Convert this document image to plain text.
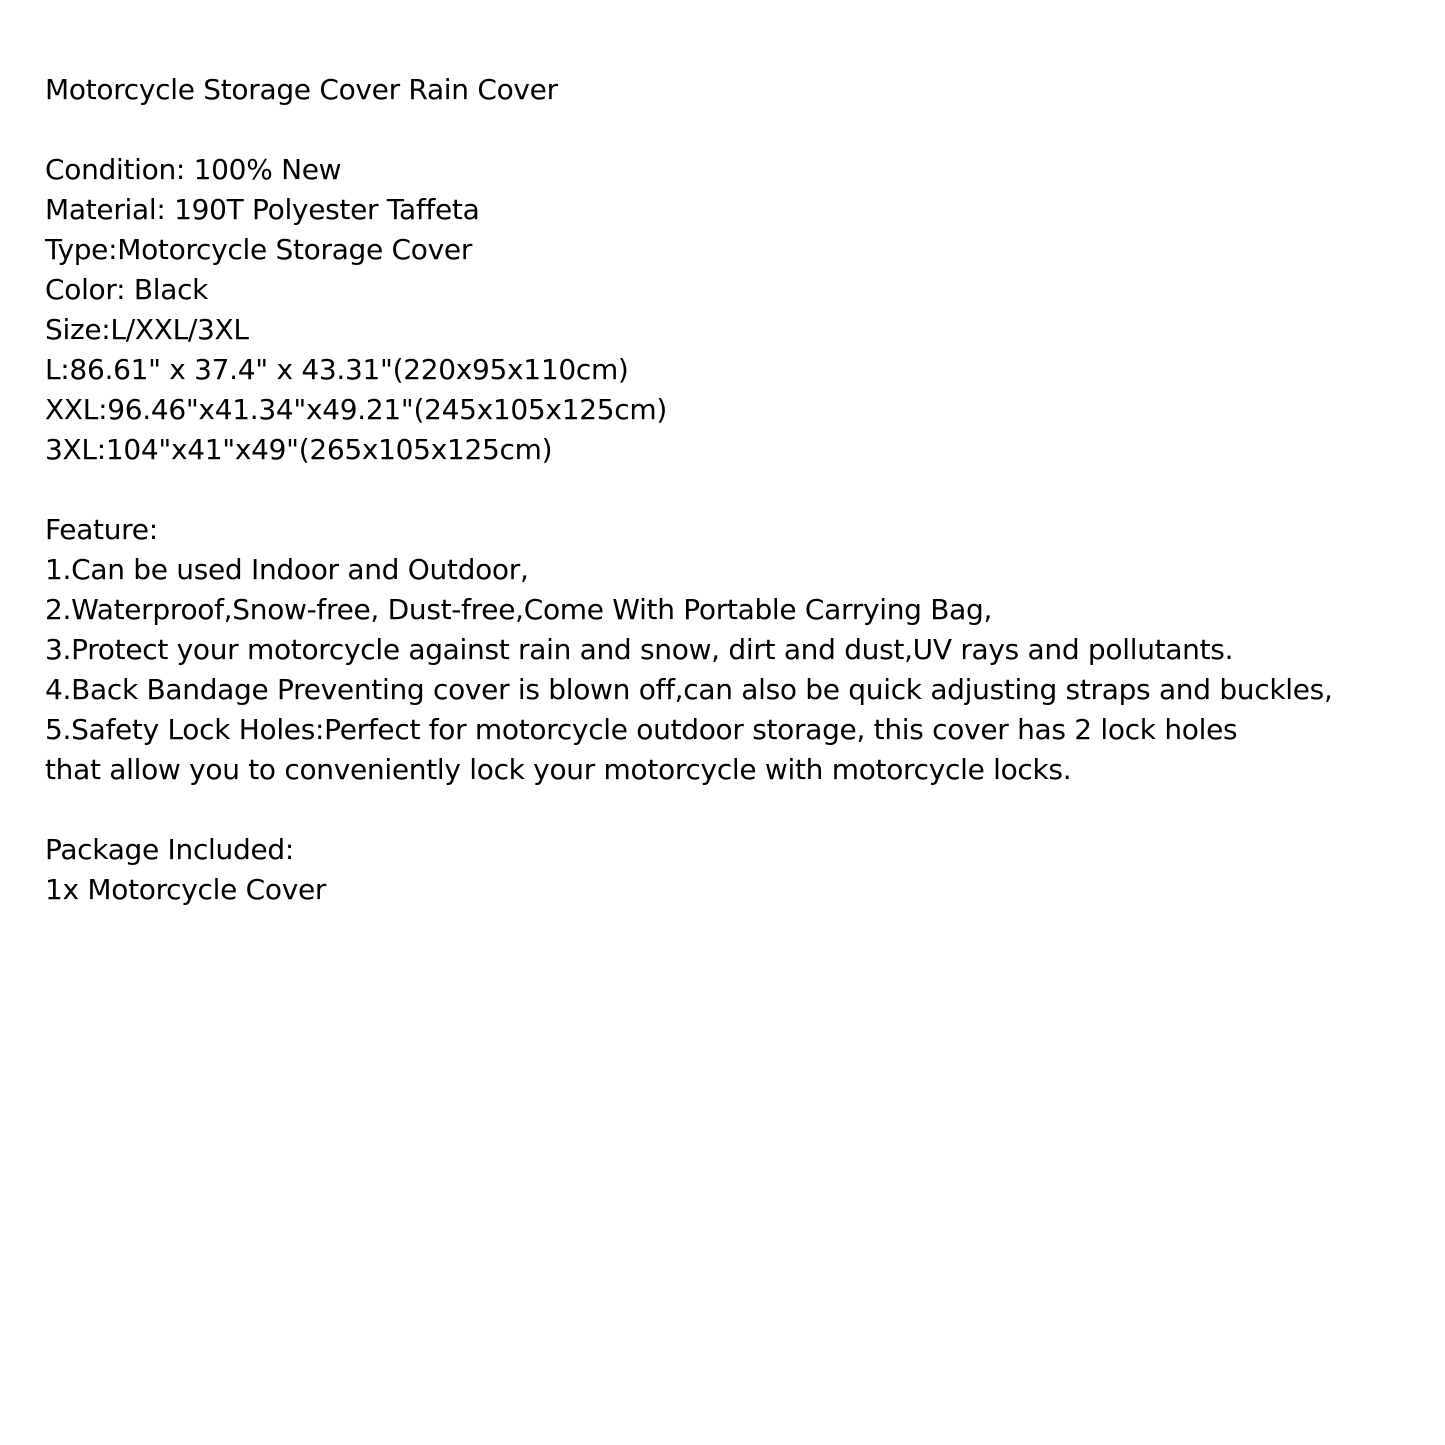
Motorcycle Storage Cover Rain Cover
Condition: 100% New
Material: 190T Polyester Taffeta
Type:Motorcycle Storage Cover
Color: Black
Size:L/XXL/3XL
L:86.61" x 37.4" x 43.31"(220x95x110cm)
XXL:96.46"x41.34"x49.21"(245x105x125cm)
3XL:104"x41"x49"(265x105x125cm)
Feature:
1.Can be used Indoor and Outdoor,
2.Waterproof,Snow-free, Dust-free,Come With Portable Carrying Bag,
3.Protect your motorcycle against rain and snow, dirt and dust,UV rays and pollutants.
4.Back Bandage Preventing cover is blown off,can also be quick adjusting straps and buckles,
5.Safety Lock Holes:Perfect for motorcycle outdoor storage, this cover has 2 lock holes
that allow you to conveniently lock your motorcycle with motorcycle locks.
Package Included:
1x Motorcycle Cover
